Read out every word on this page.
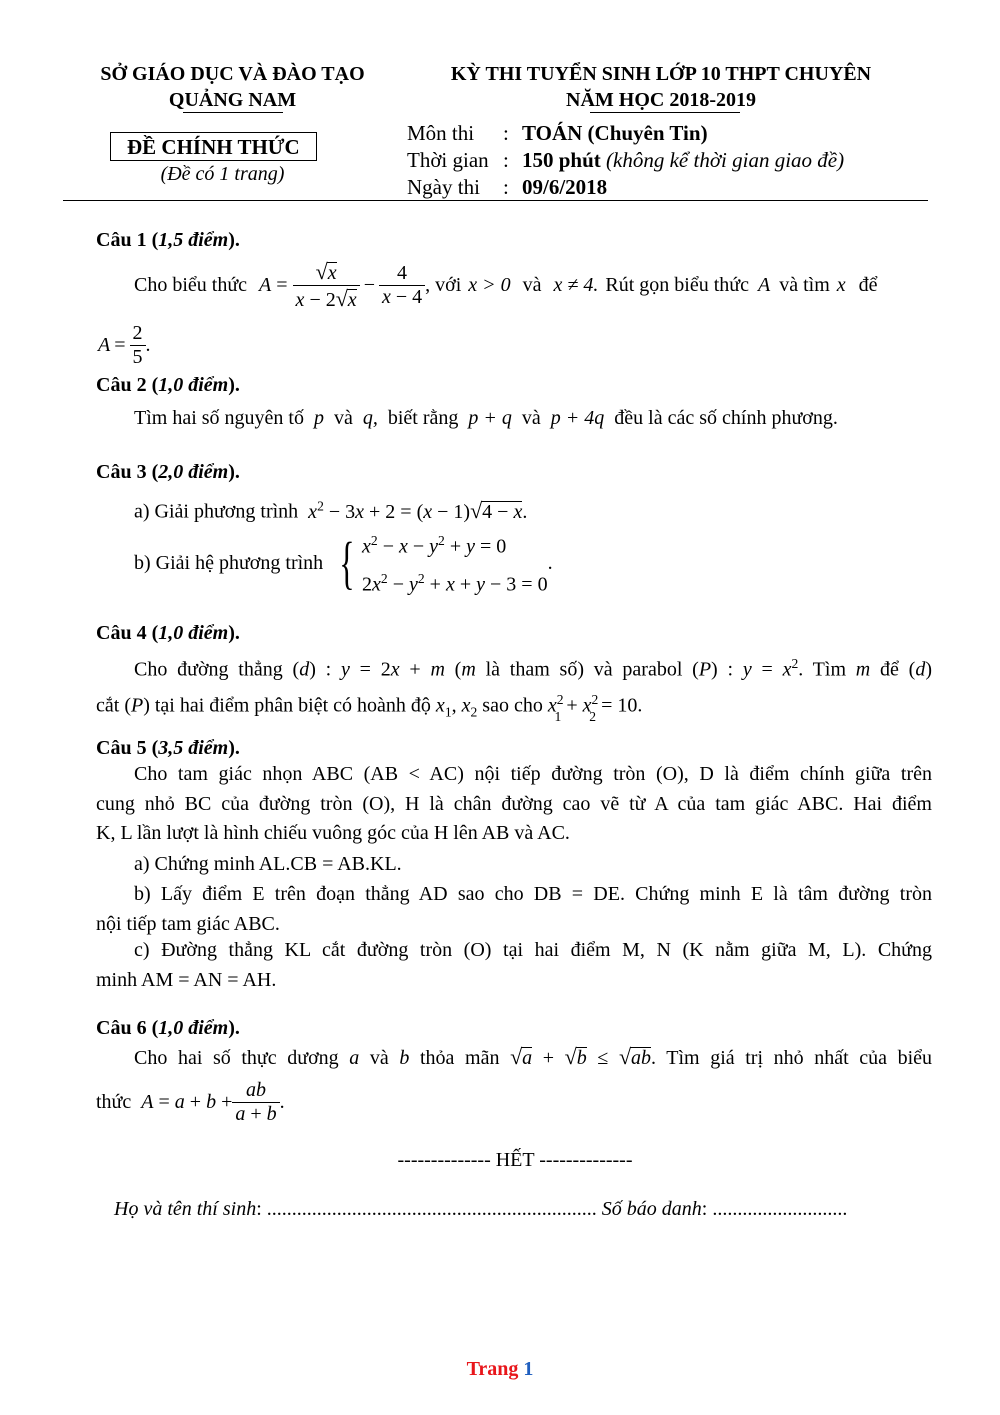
SỞ GIÁO DỤC VÀ ĐÀO TẠO
QUẢNG NAM
KỲ THI TUYỂN SINH LỚP 10 THPT CHUYÊN
NĂM HỌC 2018-2019
ĐỀ CHÍNH THỨC
(Đề có 1 trang)
Môn thi : TOÁN (Chuyên Tin)
Thời gian : 150 phút (không kể thời gian giao đề)
Ngày thi : 09/6/2018
Câu 1 (1,5 điểm).
Cho biểu thức $A = \frac{√x}{x - 2√x} - \frac{4}{x - 4}$ , với x > 0 và x ≠ 4. Rút gọn biểu thức A và tìm x để
$A = \frac{2}{5}$ .
Câu 2 (1,0 điểm).
Tìm hai số nguyên tố p và q, biết rằng p + q và p + 4q đều là các số chính phương.
Câu 3 (2,0 điểm).
a) Giải phương trình $x^2 - 3x + 2 = (x - 1)√4 - x$.
b) Giải hệ phương trình
{ $x^2 - x - y^2 + y = 0$
$2x^2 - y^2 + x + y - 3 = 0$
.
Câu 4 (1,0 điểm).
Cho đường thẳng (d) : y = 2x + m (m là tham số) và parabol (P) : $y = x^2$. Tìm m để (d)
cắt (P) tại hai điểm phân biệt có hoành độ $x_1$, $x_2$ sao cho $x^2_1 + x^2_2 = 10$.
Câu 5 (3,5 điểm).
Cho tam giác nhọn ABC (AB < AC) nội tiếp đường tròn (O), D là điểm chính giữa trên
cung nhỏ BC của đường tròn (O), H là chân đường cao vẽ từ A của tam giác ABC. Hai điểm
K, L lần lượt là hình chiếu vuông góc của H lên AB và AC.
a) Chứng minh AL.CB = AB.KL.
b) Lấy điểm E trên đoạn thẳng AD sao cho DB = DE. Chứng minh E là tâm đường tròn
nội tiếp tam giác ABC.
c) Đường thẳng KL cắt đường tròn (O) tại hai điểm M, N (K nằm giữa M, L). Chứng
minh AM = AN = AH.
Câu 6 (1,0 điểm).
Cho hai số thực dương a và b thỏa mãn √a + √b ≤ √ab. Tìm giá trị nhỏ nhất của biểu
thức
$A = a + b + \frac{ab}{a + b}$ .
-------------- HẾT --------------
Họ và tên thí sinh: .................................................................. Số báo danh: ...........................
Trang 1
